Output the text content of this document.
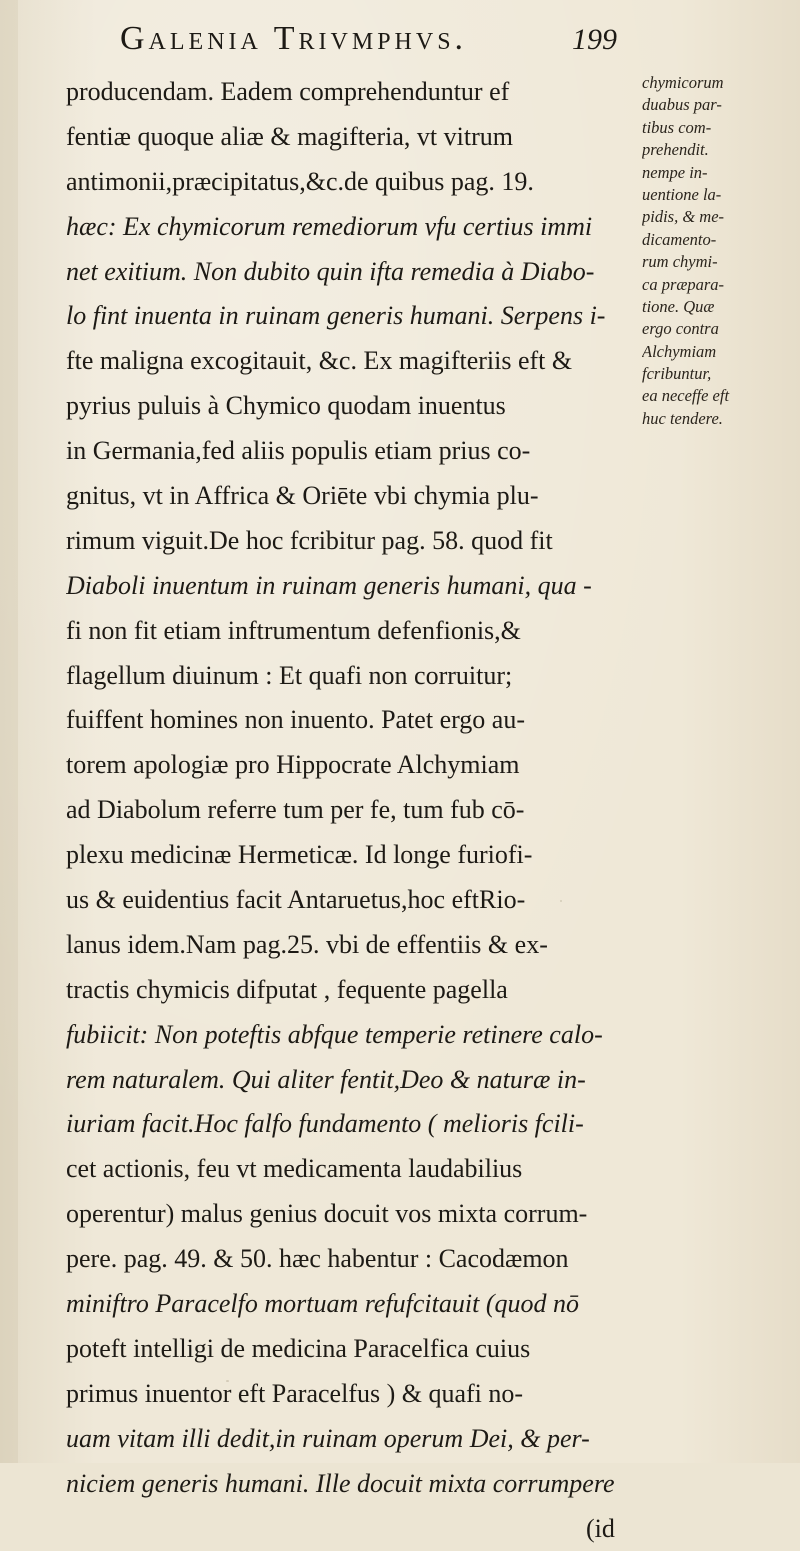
Galenia Trivmphvs.	199
producendam. Eadem comprehenduntur ef
fentiæ quoque aliæ & magifteria, vt vitrum
antimonii,præcipitatus,&c.de quibus pag. 19.
hæc: Ex chymicorum remediorum vfu certius immi
net exitium. Non dubito quin ifta remedia à Diabo-
lo fint inuenta in ruinam generis humani. Serpens i-
fte maligna excogitauit, &c. Ex magifteriis eft &
pyrius puluis à Chymico quodam inuentus
in Germania,fed aliis populis etiam prius co-
gnitus, vt in Affrica & Oriēte vbi chymia plu-
rimum viguit.De hoc fcribitur pag. 58. quod fit
Diaboli inuentum in ruinam generis humani, qua -
fi non fit etiam inftrumentum defenfionis,&
flagellum diuinum : Et quafi non corruitur;
fuiffent homines non inuento. Patet ergo au-
torem apologiæ pro Hippocrate Alchymiam
ad Diabolum referre tum per fe, tum fub cō-
plexu medicinæ Hermeticæ. Id longe furiofi-
us & euidentius facit Antaruetus,hoc eftRio-
lanus idem.Nam pag.25. vbi de effentiis & ex-
tractis chymicis difputat , fequente pagella
fubiicit: Non poteftis abfque temperie retinere calo-
rem naturalem. Qui aliter fentit,Deo & naturæ in-
iuriam facit.Hoc falfo fundamento ( melioris fcili-
cet actionis, feu vt medicamenta laudabilius
operentur) malus genius docuit vos mixta corrum-
pere. pag. 49. & 50. hæc habentur : Cacodæmon
miniftro Paracelfo mortuam refufcitauit (quod nō
poteft intelligi de medicina Paracelfica cuius
primus inuentor eft Paracelfus ) & quafi no-
uam vitam illi dedit,in ruinam operum Dei, & per-
niciem generis humani. Ille docuit mixta corrumpere
(id
chymicorum
duabus par-
tibus com-
prehendit.
nempe in-
uentione la-
pidis, & me-
dicamento-
rum chymi-
ca præpara-
tione. Quæ
ergo contra
Alchymiam
fcribuntur,
ea neceffe eft
huc tendere.
